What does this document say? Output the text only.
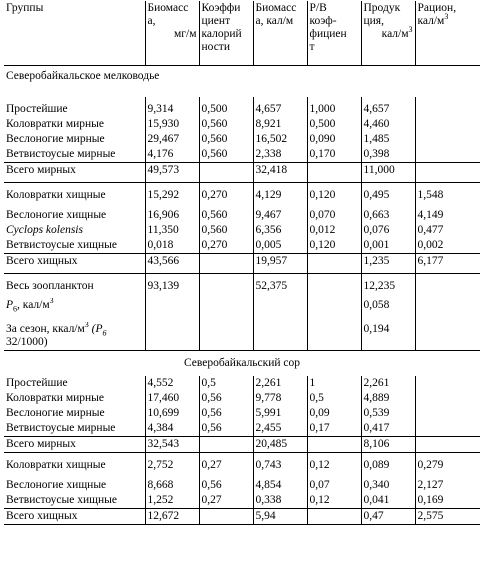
Группы	Биомасс
а,
мг/м	Коэффи циент калорий ности	Биомасс а, кал/м	Р/В
коэф-
фициен
т	Продук
ция,
кал/$м^3$	Рацион,
кал/$м^3$
Северобайкальское мелководье						
Простейшие	9,314	0,500	4,657	1,000	4,657	
Коловратки мирные	15,930	0,560	8,921	0,500	4,460	
Веслоногие мирные	29,467	0,560	16,502	0,090	1,485	
Ветвистоусые мирные	4,176	0,560	2,338	0,170	0,398	
Всего мирных	49,573		32,418		11,000	
Коловратки хищные	15,292	0,270	4,129	0,120	0,495	1,548
Веслоногие хищные	16,906	0,560	9,467	0,070	0,663	4,149
Cyclops kolensis	11,350	0,560	6,356	0,012	0,076	0,477
Ветвистоусые хищные	0,018	0,270	0,005	0,120	0,001	0,002
Всего хищных	43,566		19,957		1,235	6,177
Весь зоопланктон	93,139		52,375		12,235	
$Р_6$, кал/$м^3$					0,058	
За сезон, ккал/$м^3$ ($Р_6$
32/1000)					0,194	
Северобайкальский сор						
Простейшие	4,552	0,5	2,261	1	2,261	
Коловратки мирные	17,460	0,56	9,778	0,5	4,889	
Веслоногие мирные	10,699	0,56	5,991	0,09	0,539	
Ветвистоусые мирные	4,384	0,56	2,455	0,17	0,417	
Всего мирных	32,543		20,485		8,106	
Коловратки хищные	2,752	0,27	0,743	0,12	0,089	0,279
Веслоногие хищные	8,668	0,56	4,854	0,07	0,340	2,127
Ветвистоусые хищные	1,252	0,27	0,338	0,12	0,041	0,169
Всего хищных	12,672		5,94		0,47	2,575
